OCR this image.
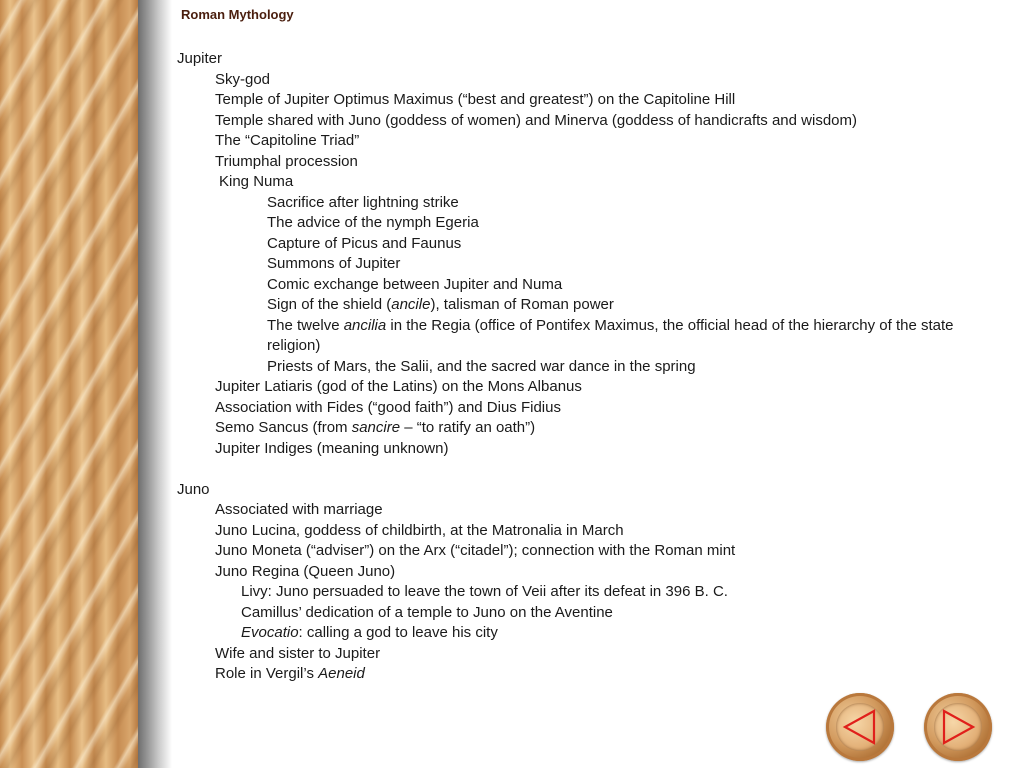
Roman Mythology
Jupiter
Sky-god
Temple of Jupiter Optimus Maximus (“best and greatest”) on the Capitoline Hill
Temple shared with Juno (goddess of women) and Minerva (goddess of handicrafts and wisdom)
The “Capitoline Triad”
Triumphal procession
King Numa
Sacrifice after lightning strike
The advice of the nymph Egeria
Capture of Picus and Faunus
Summons of Jupiter
Comic exchange between Jupiter and Numa
Sign of the shield (ancile), talisman of Roman power
The twelve ancilia in the Regia (office of Pontifex Maximus, the official head of the hierarchy of the state religion)
Priests of Mars, the Salii, and the sacred war dance in the spring
Jupiter Latiaris (god of the Latins) on the Mons Albanus
Association with Fides (“good faith”) and Dius Fidius
Semo Sancus (from sancire – “to ratify an oath”)
Jupiter Indiges (meaning unknown)
Juno
Associated with marriage
Juno Lucina, goddess of childbirth, at the Matronalia in March
Juno Moneta (“adviser”) on the Arx (“citadel”); connection with the Roman mint
Juno Regina (Queen Juno)
Livy: Juno persuaded to leave the town of Veii after its defeat in 396 B. C.
Camillus’ dedication of a temple to Juno on the Aventine
Evocatio: calling a god to leave his city
Wife and sister to Jupiter
Role in Vergil’s Aeneid
